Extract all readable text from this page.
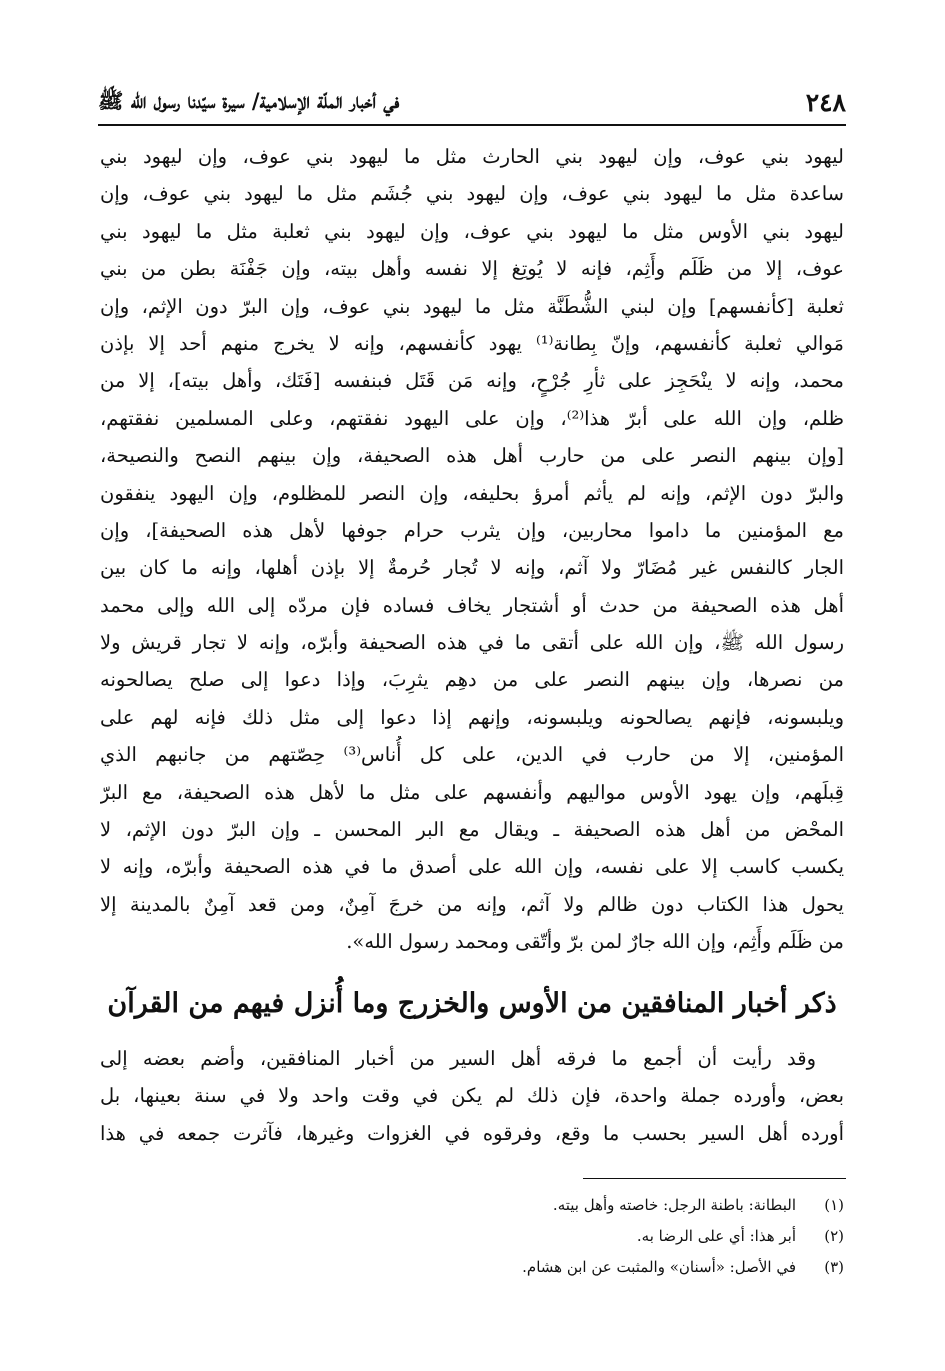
٢٤٨
في أخبار الملّة الإسلامية/ سيرة سيّدنا رسول الله ﷺ
ليهود بني عوف، وإن ليهود بني الحارث مثل ما ليهود بني عوف، وإن ليهود بني
ساعدة مثل ما ليهود بني عوف، وإن ليهود بني جُشَم مثل ما ليهود بني عوف، وإن
ليهود بني الأوس مثل ما ليهود بني عوف، وإن ليهود بني ثعلبة مثل ما ليهود بني
عوف، إلا من ظَلَم وأَثِم، فإنه لا يُوتِغ إلا نفسه وأهل بيته، وإن جَفْنَة بطن من بني
ثعلبة [كأنفسهم] وإن لبني الشُّطَنَّة مثل ما ليهود بني عوف، وإن البرّ دون الإثم، وإن
مَوالي ثعلبة كأنفسهم، وإنّ بِطانة⁽¹⁾ يهود كأنفسهم، وإنه لا يخرج منهم أحد إلا بإذن
محمد، وإنه لا ينْحَجِز على ثأرِ جُرْحٍ، وإنه مَن قَتَل فبنفسه [فَتَك، وأهل بيته]، إلا من
ظلم، وإن الله على أبرّ هذا⁽²⁾، وإن على اليهود نفقتهم، وعلى المسلمين نفقتهم،
[وإن بينهم النصر على من حارب أهل هذه الصحيفة، وإن بينهم النصح والنصيحة،
والبرّ دون الإثم، وإنه لم يأثم أمرؤ بحليفه، وإن النصر للمظلوم، وإن اليهود ينفقون
مع المؤمنين ما داموا محاربين، وإن يثرب حرام جوفها لأهل هذه الصحيفة]، وإن
الجار كالنفس غير مُضَارّ ولا آثم، وإنه لا تُجار حُرمةٌ إلا بإذن أهلها، وإنه ما كان بين
أهل هذه الصحيفة من حدث أو أشتجار يخاف فساده فإن مردّه إلى الله وإلى محمد
رسول الله ﷺ، وإن الله على أتقى ما في هذه الصحيفة وأبرّه، وإنه لا تجار قريش ولا
من نصرها، وإن بينهم النصر على من دهِم يثرِبَ، وإذا دعوا إلى صلح يصالحونه
ويلبسونه، فإنهم يصالحونه ويلبسونه، وإنهم إذا دعوا إلى مثل ذلك فإنه لهم على
المؤمنين، إلا من حارب في الدين، على كل أُناس⁽³⁾ حِصّتهم من جانبهم الذي
قِبلَهم، وإن يهود الأوس مواليهم وأنفسهم على مثل ما لأهل هذه الصحيفة، مع البرّ
المحْض من أهل هذه الصحيفة ـ ويقال مع البر المحسن ـ وإن البرّ دون الإثم، لا
يكسب كاسب إلا على نفسه، وإن الله على أصدق ما في هذه الصحيفة وأبرّه، وإنه لا
يحول هذا الكتاب دون ظالم ولا آثم، وإنه من خرجَ آمِنٌ، ومن قعد آمِنٌ بالمدينة إلا
من ظَلَم وأَثِم، وإن الله جارٌ لمن برّ وأتّقى ومحمد رسول الله».
ذكر أخبار المنافقين من الأوس والخزرج وما أُنزل فيهم من القرآن
وقد رأيت أن أجمع ما فرقه أهل السير من أخبار المنافقين، وأضم بعضه إلى
بعض، وأورده جملة واحدة، فإن ذلك لم يكن في وقت واحد ولا في سنة بعينها، بل
أورده أهل السير بحسب ما وقع، وفرقوه في الغزوات وغيرها، فآثرت جمعه في هذا
(١)البطانة: باطنة الرجل: خاصته وأهل بيته.
(٢)أبر هذا: أي على الرضا به.
(٣)في الأصل: «أسنان» والمثبت عن ابن هشام.
